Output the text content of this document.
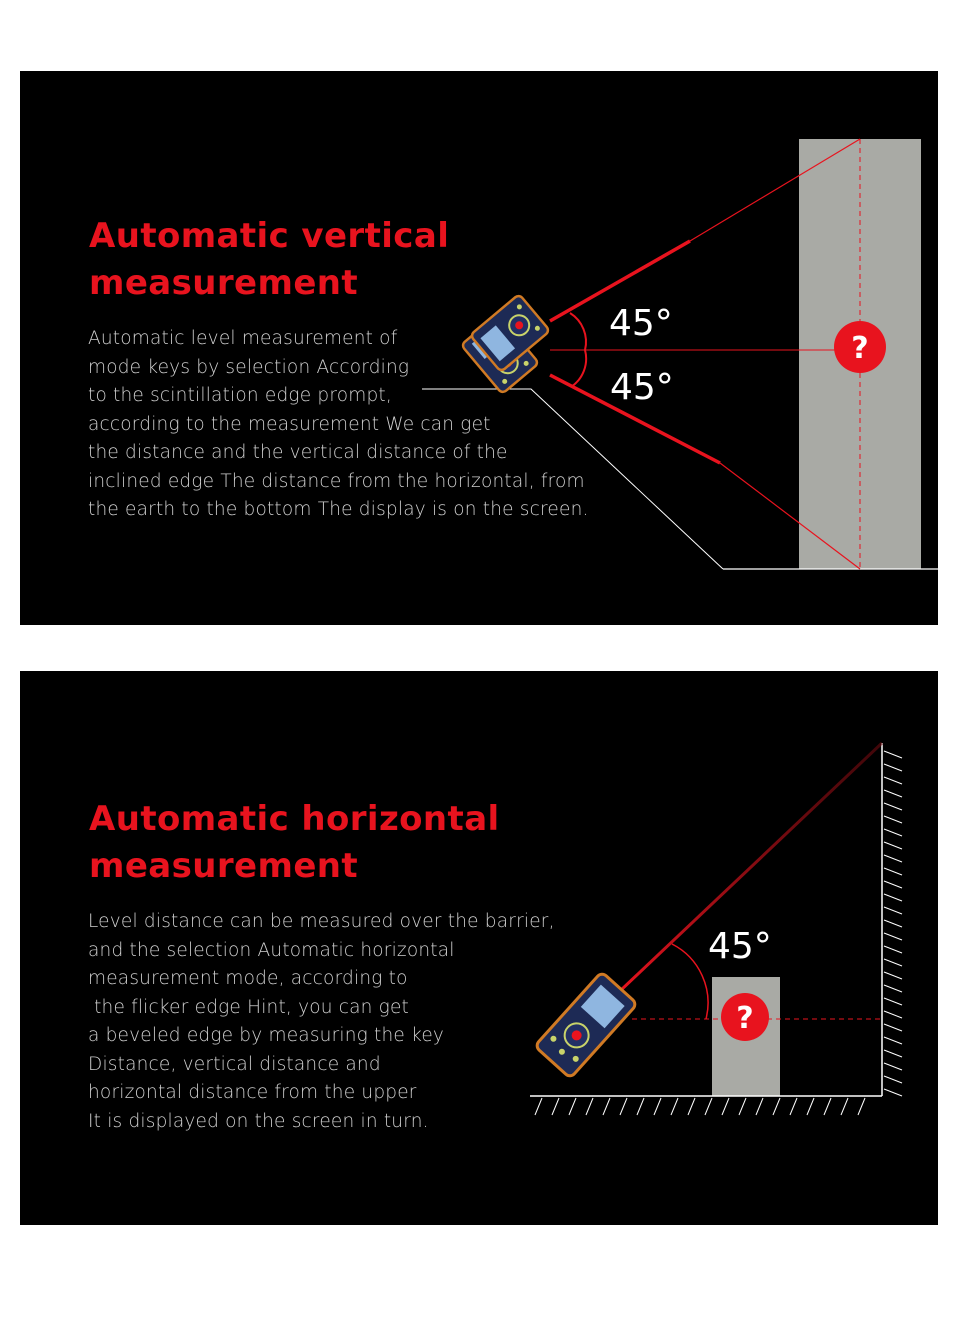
45°
45°
?
Automatic vertical
measurement

Automatic level measurement of
mode keys by selection According
to the scintillation edge prompt,
according to the measurement We can get
the distance and the vertical distance of the
inclined edge The distance from the horizontal, from
the earth to the bottom The display is on the screen.

45°
?
Automatic horizontal
measurement

Level distance can be measured over the barrier,
and the selection Automatic horizontal
measurement mode, according to
the flicker edge Hint, you can get
a beveled edge by measuring the key
Distance, vertical distance and
horizontal distance from the upper
It is displayed on the screen in turn.
